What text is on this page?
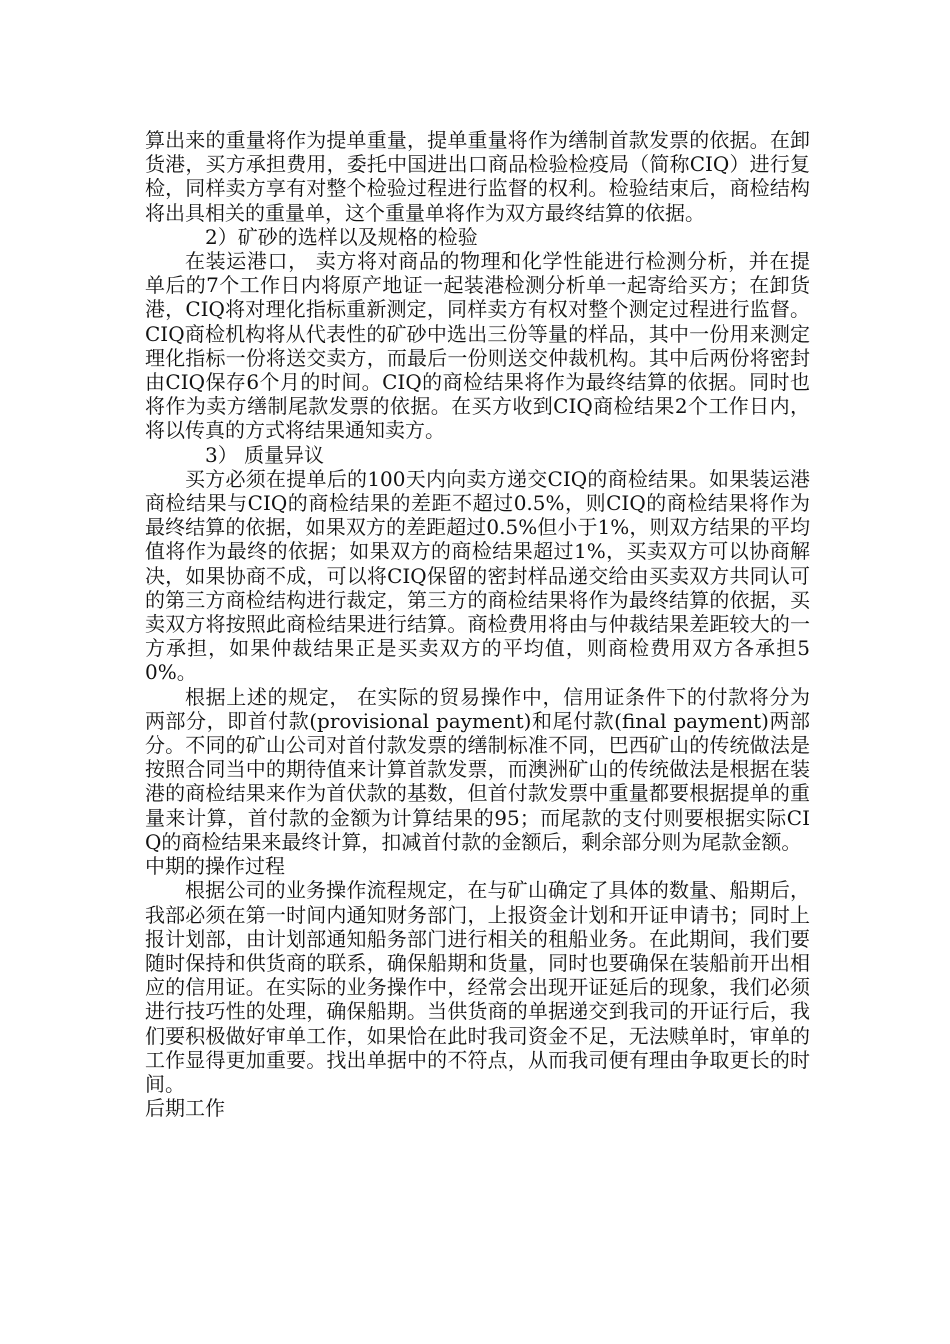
算出来的重量将作为提单重量，提单重量将作为缮制首款发票的依据。在卸货港，买方承担费用，委托中国进出口商品检验检疫局（简称CIQ）进行复检，同样卖方享有对整个检验过程进行监督的权利。检验结束后，商检结构将出具相关的重量单，这个重量单将作为双方最终结算的依据。

2）矿砂的选样以及规格的检验

在装运港口， 卖方将对商品的物理和化学性能进行检测分析，并在提单后的7个工作日内将原产地证一起装港检测分析单一起寄给买方；在卸货港，CIQ将对理化指标重新测定，同样卖方有权对整个测定过程进行监督。CIQ商检机构将从代表性的矿砂中选出三份等量的样品，其中一份用来测定理化指标一份将送交卖方，而最后一份则送交仲裁机构。其中后两份将密封由CIQ保存6个月的时间。CIQ的商检结果将作为最终结算的依据。同时也将作为卖方缮制尾款发票的依据。在买方收到CIQ商检结果2个工作日内，将以传真的方式将结果通知卖方。

3） 质量异议

买方必须在提单后的100天内向卖方递交CIQ的商检结果。如果装运港商检结果与CIQ的商检结果的差距不超过0.5%，则CIQ的商检结果将作为最终结算的依据，如果双方的差距超过0.5%但小于1%，则双方结果的平均值将作为最终的依据；如果双方的商检结果超过1%，买卖双方可以协商解决，如果协商不成，可以将CIQ保留的密封样品递交给由买卖双方共同认可的第三方商检结构进行裁定，第三方的商检结果将作为最终结算的依据，买卖双方将按照此商检结果进行结算。商检费用将由与仲裁结果差距较大的一方承担，如果仲裁结果正是买卖双方的平均值，则商检费用双方各承担50%。

根据上述的规定， 在实际的贸易操作中，信用证条件下的付款将分为两部分，即首付款(provisional payment)和尾付款(final payment)两部分。不同的矿山公司对首付款发票的缮制标准不同，巴西矿山的传统做法是按照合同当中的期待值来计算首款发票，而澳洲矿山的传统做法是根据在装港的商检结果来作为首伏款的基数，但首付款发票中重量都要根据提单的重量来计算，首付款的金额为计算结果的95；而尾款的支付则要根据实际CIQ的商检结果来最终计算，扣减首付款的金额后，剩余部分则为尾款金额。

中期的操作过程

根据公司的业务操作流程规定，在与矿山确定了具体的数量、船期后，我部必须在第一时间内通知财务部门，上报资金计划和开证申请书；同时上报计划部，由计划部通知船务部门进行相关的租船业务。在此期间，我们要随时保持和供货商的联系，确保船期和货量，同时也要确保在装船前开出相应的信用证。在实际的业务操作中，经常会出现开证延后的现象，我们必须进行技巧性的处理，确保船期。当供货商的单据递交到我司的开证行后，我们要积极做好审单工作，如果恰在此时我司资金不足，无法赎单时，审单的工作显得更加重要。找出单据中的不符点，从而我司便有理由争取更长的时间。

后期工作
